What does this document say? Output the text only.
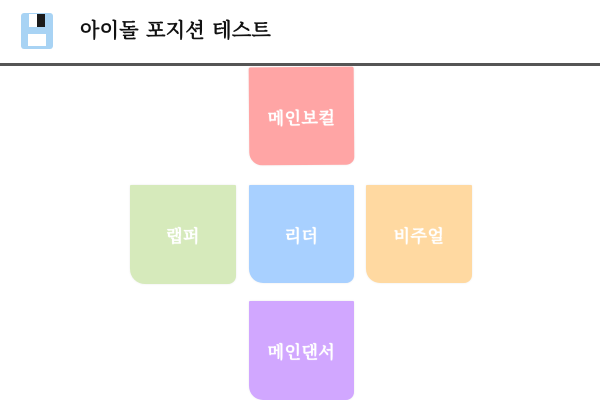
아이돌 포지션 테스트
메인보컬
랩퍼	리더	비주얼
메인댄서
